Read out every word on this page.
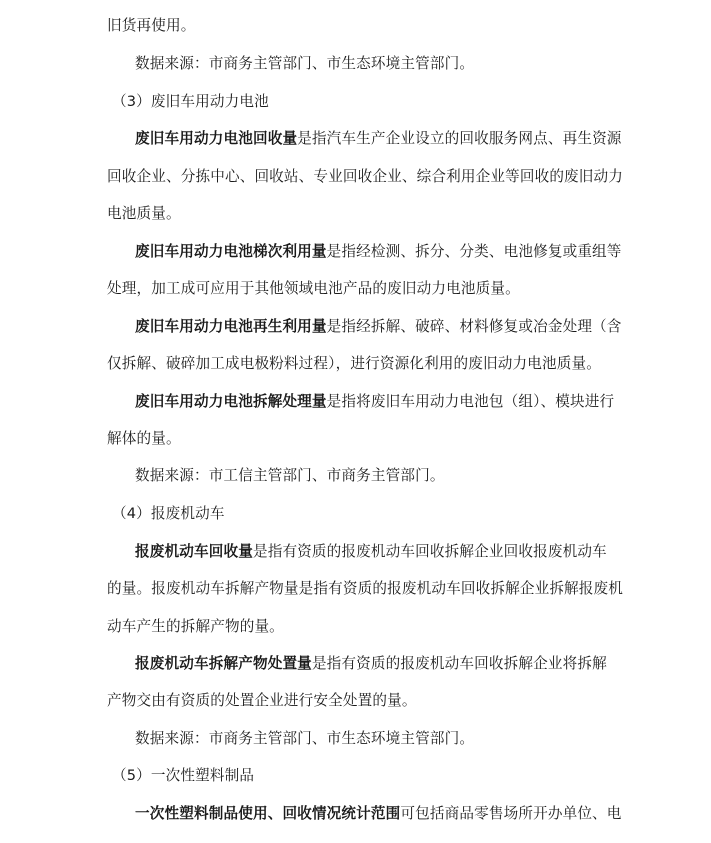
旧货再使用。
数据来源：市商务主管部门、市生态环境主管部门。
（3）废旧车用动力电池
废旧车用动力电池回收量是指汽车生产企业设立的回收服务网点、再生资源
回收企业、分拣中心、回收站、专业回收企业、综合利用企业等回收的废旧动力
电池质量。
废旧车用动力电池梯次利用量是指经检测、拆分、分类、电池修复或重组等
处理，加工成可应用于其他领域电池产品的废旧动力电池质量。
废旧车用动力电池再生利用量是指经拆解、破碎、材料修复或冶金处理（含
仅拆解、破碎加工成电极粉料过程），进行资源化利用的废旧动力电池质量。
废旧车用动力电池拆解处理量是指将废旧车用动力电池包（组）、模块进行
解体的量。
数据来源：市工信主管部门、市商务主管部门。
（4）报废机动车
报废机动车回收量是指有资质的报废机动车回收拆解企业回收报废机动车
的量。报废机动车拆解产物量是指有资质的报废机动车回收拆解企业拆解报废机
动车产生的拆解产物的量。
报废机动车拆解产物处置量是指有资质的报废机动车回收拆解企业将拆解
产物交由有资质的处置企业进行安全处置的量。
数据来源：市商务主管部门、市生态环境主管部门。
（5）一次性塑料制品
一次性塑料制品使用、回收情况统计范围可包括商品零售场所开办单位、电
